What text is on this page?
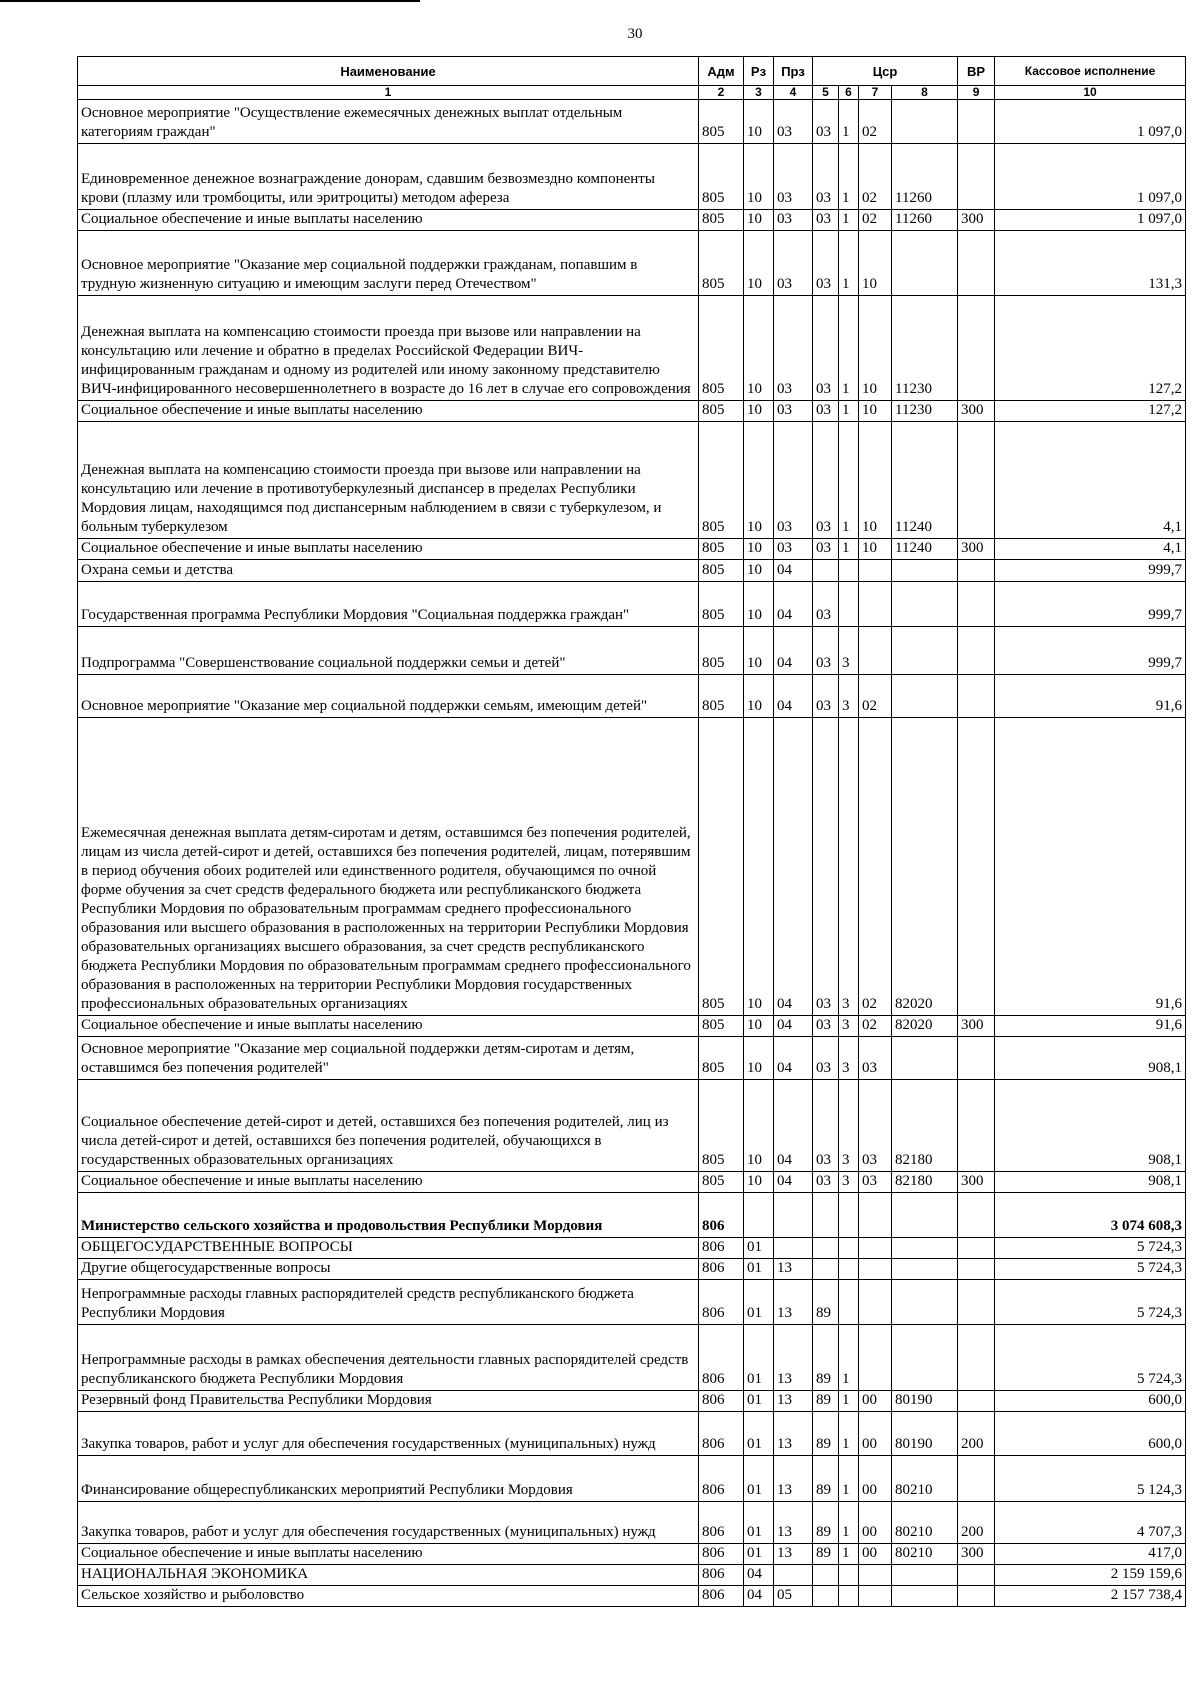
30
Наименование	Адм	Рз	Прз	Цср				ВР	Кассовое исполнение
1	2	3	4	5	6	7	8	9	10
Основное мероприятие "Осуществление ежемесячных денежных выплат отдельным категориям граждан"	805	10	03	03	1	02			1 097,0
Единовременное денежное вознаграждение донорам, сдавшим безвозмездно компоненты крови (плазму или тромбоциты, или эритроциты) методом афереза	805	10	03	03	1	02	11260		1 097,0
Социальное обеспечение и иные выплаты населению	805	10	03	03	1	02	11260	300	1 097,0
Основное мероприятие "Оказание мер социальной поддержки гражданам, попавшим в трудную жизненную ситуацию и имеющим заслуги перед Отечеством"	805	10	03	03	1	10			131,3
Денежная выплата на компенсацию стоимости проезда при вызове или направлении на консультацию или лечение и обратно в пределах Российской Федерации ВИЧ-инфицированным гражданам и одному из родителей или иному законному представителю ВИЧ-инфицированного несовершеннолетнего в возрасте до 16 лет в случае его сопровождения	805	10	03	03	1	10	11230		127,2
Социальное обеспечение и иные выплаты населению	805	10	03	03	1	10	11230	300	127,2
Денежная выплата на компенсацию стоимости проезда при вызове или направлении на консультацию или лечение в противотуберкулезный диспансер в пределах Республики Мордовия лицам, находящимся под диспансерным наблюдением в связи с туберкулезом, и больным туберкулезом	805	10	03	03	1	10	11240		4,1
Социальное обеспечение и иные выплаты населению	805	10	03	03	1	10	11240	300	4,1
Охрана семьи и детства	805	10	04						999,7
Государственная программа Республики Мордовия "Социальная поддержка граждан"	805	10	04	03					999,7
Подпрограмма "Совершенствование социальной поддержки семьи и детей"	805	10	04	03	3				999,7
Основное мероприятие "Оказание мер социальной поддержки семьям, имеющим детей"	805	10	04	03	3	02			91,6
Ежемесячная денежная выплата детям-сиротам и детям, оставшимся без попечения родителей, лицам из числа детей-сирот и детей, оставшихся без попечения родителей, лицам, потерявшим в период обучения обоих родителей или единственного родителя, обучающимся по очной форме обучения за счет средств федерального бюджета или республиканского бюджета Республики Мордовия по образовательным программам среднего профессионального образования или высшего образования в расположенных на территории Республики Мордовия образовательных организациях высшего образования, за счет средств республиканского бюджета Республики Мордовия по образовательным программам среднего профессионального образования в расположенных на территории Республики Мордовия государственных профессиональных образовательных организациях	805	10	04	03	3	02	82020		91,6
Социальное обеспечение и иные выплаты населению	805	10	04	03	3	02	82020	300	91,6
Основное мероприятие "Оказание мер социальной поддержки детям-сиротам и детям, оставшимся без попечения родителей"	805	10	04	03	3	03			908,1
Социальное обеспечение детей-сирот и детей, оставшихся без попечения родителей, лиц из числа детей-сирот и детей, оставшихся без попечения родителей, обучающихся в государственных образовательных организациях	805	10	04	03	3	03	82180		908,1
Социальное обеспечение и иные выплаты населению	805	10	04	03	3	03	82180	300	908,1
Министерство сельского хозяйства и продовольствия Республики Мордовия	806								3 074 608,3
ОБЩЕГОСУДАРСТВЕННЫЕ ВОПРОСЫ	806	01							5 724,3
Другие общегосударственные вопросы	806	01	13						5 724,3
Непрограммные расходы главных распорядителей средств республиканского бюджета Республики Мордовия	806	01	13	89					5 724,3
Непрограммные расходы в рамках обеспечения деятельности главных распорядителей средств республиканского бюджета Республики Мордовия	806	01	13	89	1				5 724,3
Резервный фонд Правительства Республики Мордовия	806	01	13	89	1	00	80190		600,0
Закупка товаров, работ и услуг для обеспечения государственных (муниципальных) нужд	806	01	13	89	1	00	80190	200	600,0
Финансирование общереспубликанских мероприятий Республики Мордовия	806	01	13	89	1	00	80210		5 124,3
Закупка товаров, работ и услуг для обеспечения государственных (муниципальных) нужд	806	01	13	89	1	00	80210	200	4 707,3
Социальное обеспечение и иные выплаты населению	806	01	13	89	1	00	80210	300	417,0
НАЦИОНАЛЬНАЯ ЭКОНОМИКА	806	04							2 159 159,6
Сельское хозяйство и рыболовство	806	04	05						2 157 738,4
